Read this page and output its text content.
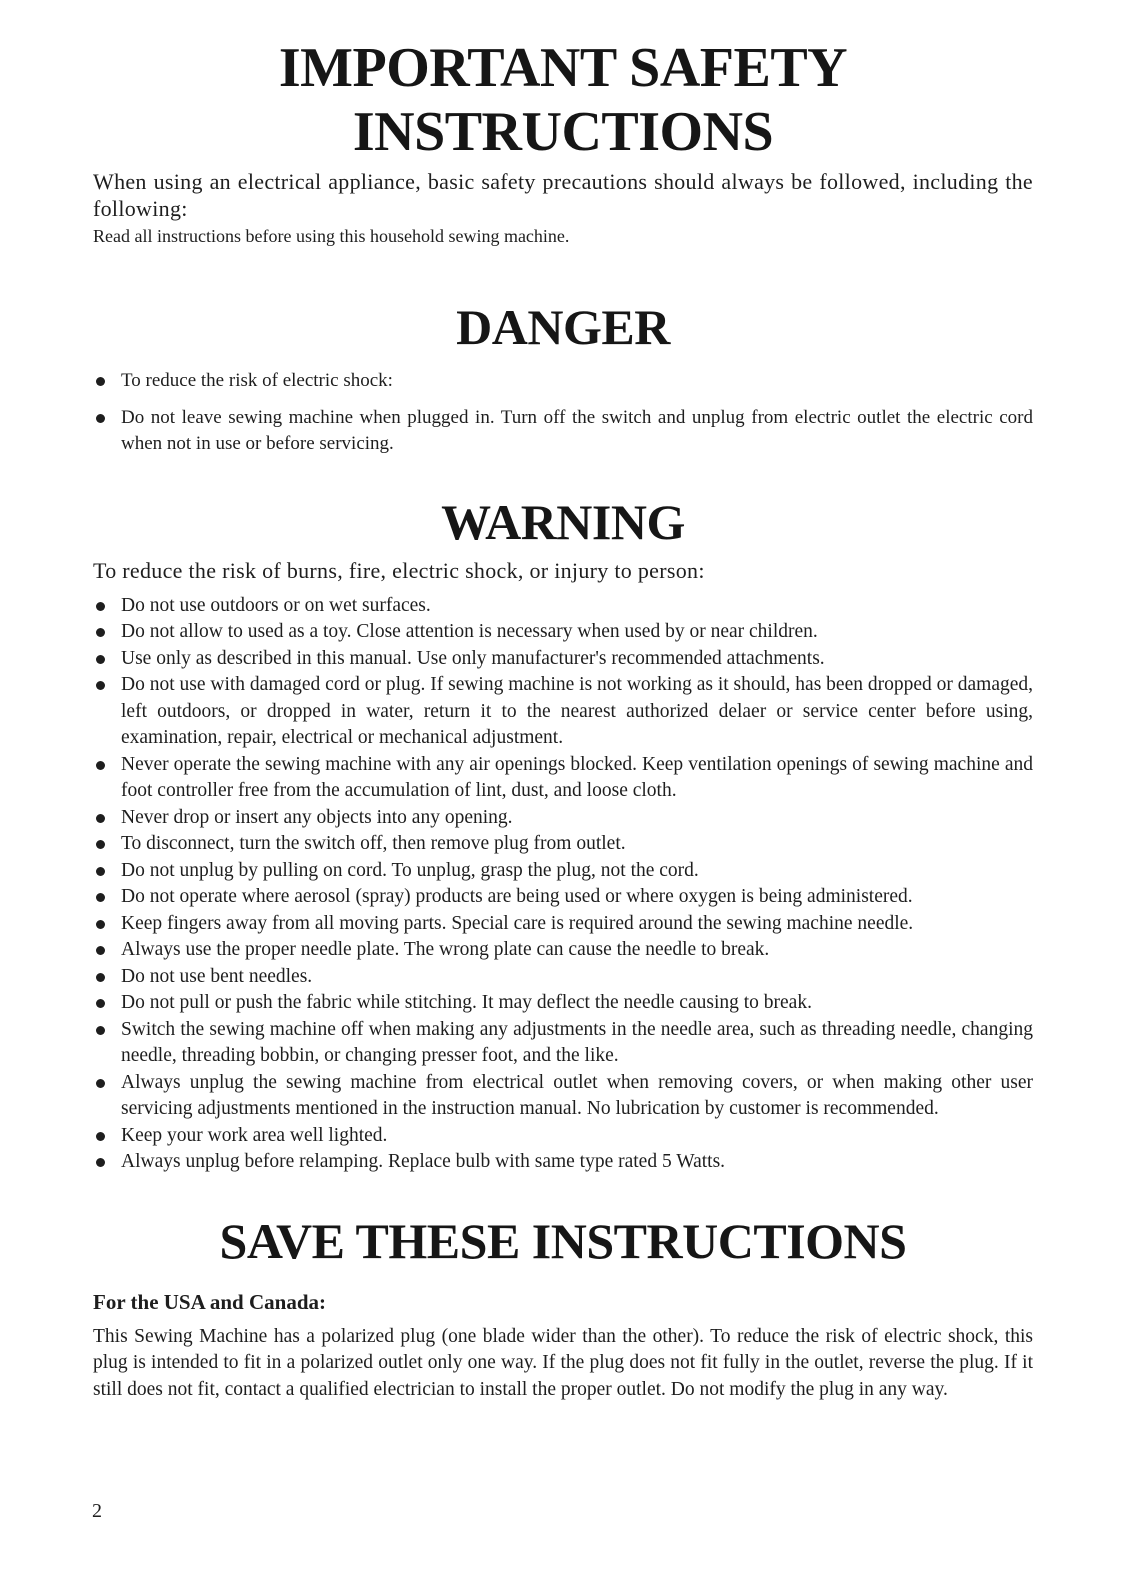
IMPORTANT SAFETY INSTRUCTIONS

When using an electrical appliance, basic safety precautions should always be followed, including the following:

Read all instructions before using this household sewing machine.

DANGER
To reduce the risk of electric shock:
Do not leave sewing machine when plugged in. Turn off the switch and unplug from electric outlet the electric cord when not in use or before servicing.
WARNING

To reduce the risk of burns, fire, electric shock, or injury to person:

Do not use outdoors or on wet surfaces.
Do not allow to used as a toy. Close attention is necessary when used by or near children.
Use only as described in this manual. Use only manufacturer's recommended attachments.
Do not use with damaged cord or plug. If sewing machine is not working as it should, has been dropped or damaged, left outdoors, or dropped in water, return it to the nearest authorized delaer or service center before using, examination, repair, electrical or mechanical adjustment.
Never operate the sewing machine with any air openings blocked. Keep ventilation openings of sewing machine and foot controller free from the accumulation of lint, dust, and loose cloth.
Never drop or insert any objects into any opening.
To disconnect, turn the switch off, then remove plug from outlet.
Do not unplug by pulling on cord. To unplug, grasp the plug, not the cord.
Do not operate where aerosol (spray) products are being used or where oxygen is being administered.
Keep fingers away from all moving parts. Special care is required around the sewing machine needle.
Always use the proper needle plate. The wrong plate can cause the needle to break.
Do not use bent needles.
Do not pull or push the fabric while stitching. It may deflect the needle causing to break.
Switch the sewing machine off when making any adjustments in the needle area, such as threading needle, changing needle, threading bobbin, or changing presser foot, and the like.
Always unplug the sewing machine from electrical outlet when removing covers, or when making other user servicing adjustments mentioned in the instruction manual. No lubrication by customer is recommended.
Keep your work area well lighted.
Always unplug before relamping. Replace bulb with same type rated 5 Watts.
SAVE THESE INSTRUCTIONS
For the USA and Canada:

This Sewing Machine has a polarized plug (one blade wider than the other). To reduce the risk of electric shock, this plug is intended to fit in a polarized outlet only one way. If the plug does not fit fully in the outlet, reverse the plug. If it still does not fit, contact a qualified electrician to install the proper outlet. Do not modify the plug in any way.

2
